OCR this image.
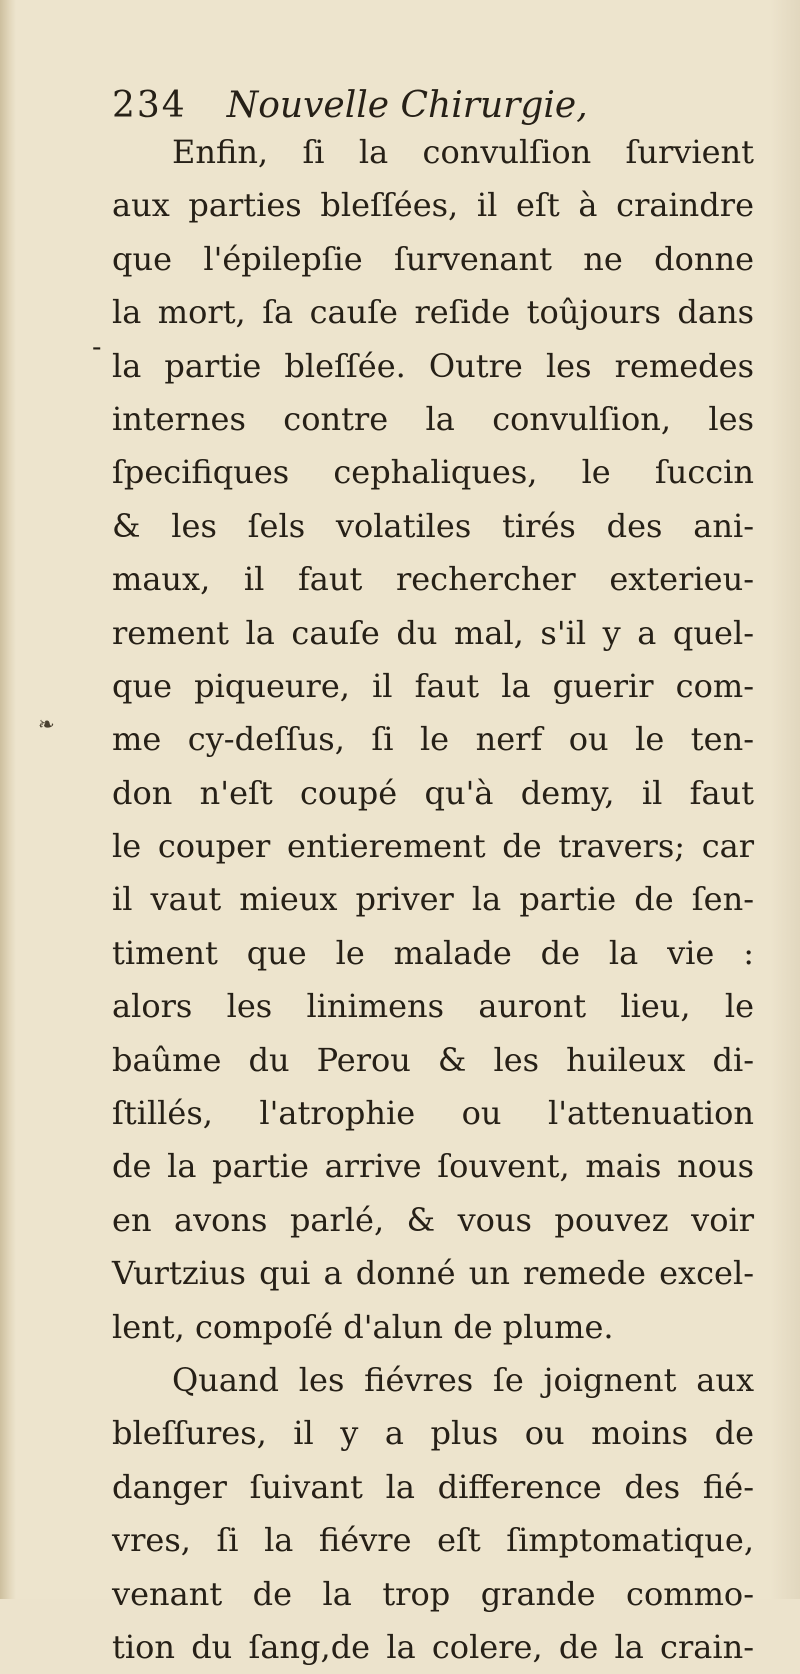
-
❧
234 Nouvelle Chirurgie,
Enfin, ſi la convulſion ſurvient
aux parties bleſſées, il eſt à craindre
que l'épilepſie ſurvenant ne donne
la mort, ſa cauſe reſide toûjours dans
la partie bleſſée. Outre les remedes
internes contre la convulſion, les
ſpecifiques cephaliques, le ſuccin
& les ſels volatiles tirés des ani-
maux, il faut rechercher exterieu-
rement la cauſe du mal, s'il y a quel-
que piqueure, il faut la guerir com-
me cy-deſſus, ſi le nerf ou le ten-
don n'eſt coupé qu'à demy, il faut
le couper entierement de travers; car
il vaut mieux priver la partie de ſen-
timent que le malade de la vie :
alors les linimens auront lieu, le
baûme du Perou & les huileux di-
ſtillés, l'atrophie ou l'attenuation
de la partie arrive ſouvent, mais nous
en avons parlé, & vous pouvez voir
Vurtzius qui a donné un remede excel-
lent, compoſé d'alun de plume.
Quand les fiévres ſe joignent aux
bleſſures, il y a plus ou moins de
danger ſuivant la difference des fié-
vres, ſi la fiévre eſt ſimptomatique,
venant de la trop grande commo-
tion du ſang,de la colere, de la crain-
